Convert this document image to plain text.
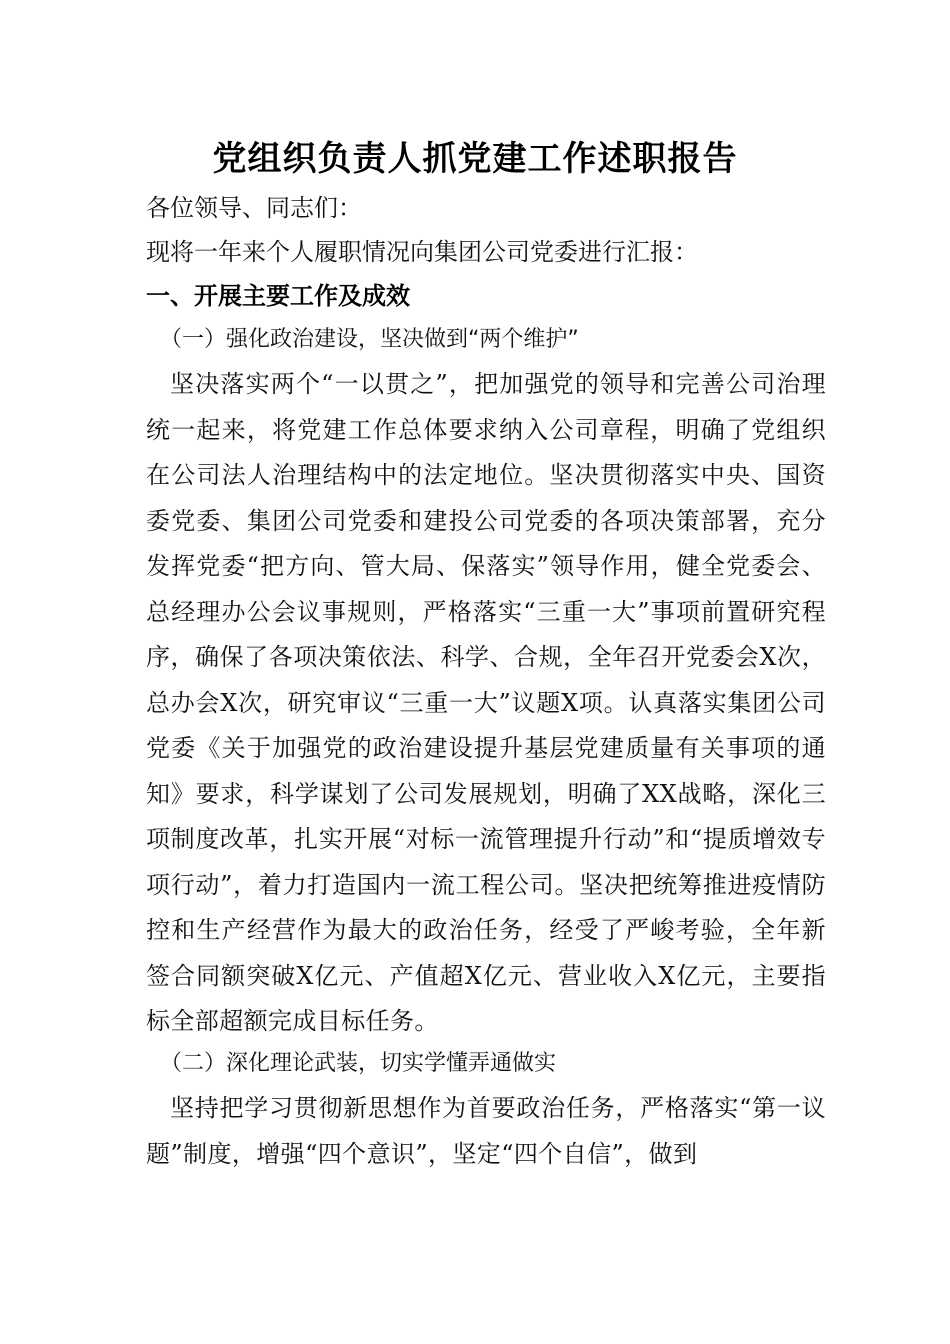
党组织负责人抓党建工作述职报告
各位领导、同志们：
现将一年来个人履职情况向集团公司党委进行汇报：
一、开展主要工作及成效
（一）强化政治建设，坚决做到“两个维护”

坚决落实两个“一以贯之”，把加强党的领导和完善公司治理统一起来，将党建工作总体要求纳入公司章程，明确了党组织在公司法人治理结构中的法定地位。坚决贯彻落实中央、国资委党委、集团公司党委和建投公司党委的各项决策部署，充分发挥党委“把方向、管大局、保落实”领导作用，健全党委会、总经理办公会议事规则，严格落实“三重一大”事项前置研究程序，确保了各项决策依法、科学、合规，全年召开党委会X次，总办会X次，研究审议“三重一大”议题X项。认真落实集团公司党委《关于加强党的政治建设提升基层党建质量有关事项的通知》要求，科学谋划了公司发展规划，明确了XX战略，深化三项制度改革，扎实开展“对标一流管理提升行动”和“提质增效专项行动”，着力打造国内一流工程公司。坚决把统筹推进疫情防控和生产经营作为最大的政治任务，经受了严峻考验，全年新签合同额突破X亿元、产值超X亿元、营业收入X亿元，主要指标全部超额完成目标任务。

（二）深化理论武装，切实学懂弄通做实

坚持把学习贯彻新思想作为首要政治任务，严格落实“第一议题”制度，增强“四个意识”，坚定“四个自信”，做到
